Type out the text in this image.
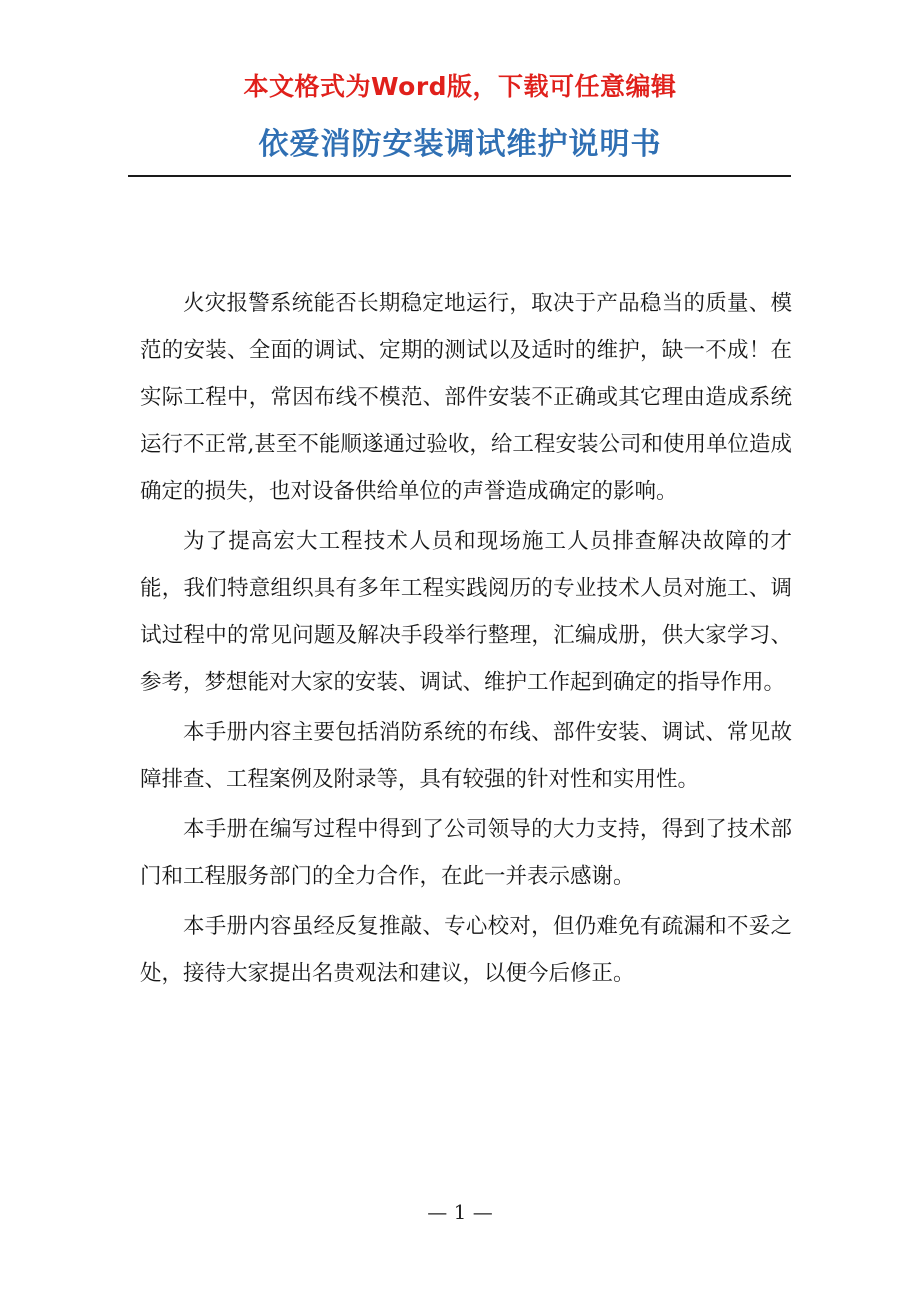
本文格式为Word版，下载可任意编辑
依爱消防安装调试维护说明书

火灾报警系统能否长期稳定地运行，取决于产品稳当的质量、模范的安装、全面的调试、定期的测试以及适时的维护，缺一不成！在实际工程中，常因布线不模范、部件安装不正确或其它理由造成系统运行不正常,甚至不能顺遂通过验收，给工程安装公司和使用单位造成确定的损失，也对设备供给单位的声誉造成确定的影响。

为了提高宏大工程技术人员和现场施工人员排查解决故障的才能，我们特意组织具有多年工程实践阅历的专业技术人员对施工、调试过程中的常见问题及解决手段举行整理，汇编成册，供大家学习、参考，梦想能对大家的安装、调试、维护工作起到确定的指导作用。

本手册内容主要包括消防系统的布线、部件安装、调试、常见故障排查、工程案例及附录等，具有较强的针对性和实用性。

本手册在编写过程中得到了公司领导的大力支持，得到了技术部门和工程服务部门的全力合作，在此一并表示感谢。

本手册内容虽经反复推敲、专心校对，但仍难免有疏漏和不妥之处，接待大家提出名贵观法和建议，以便今后修正。

— 1 —
